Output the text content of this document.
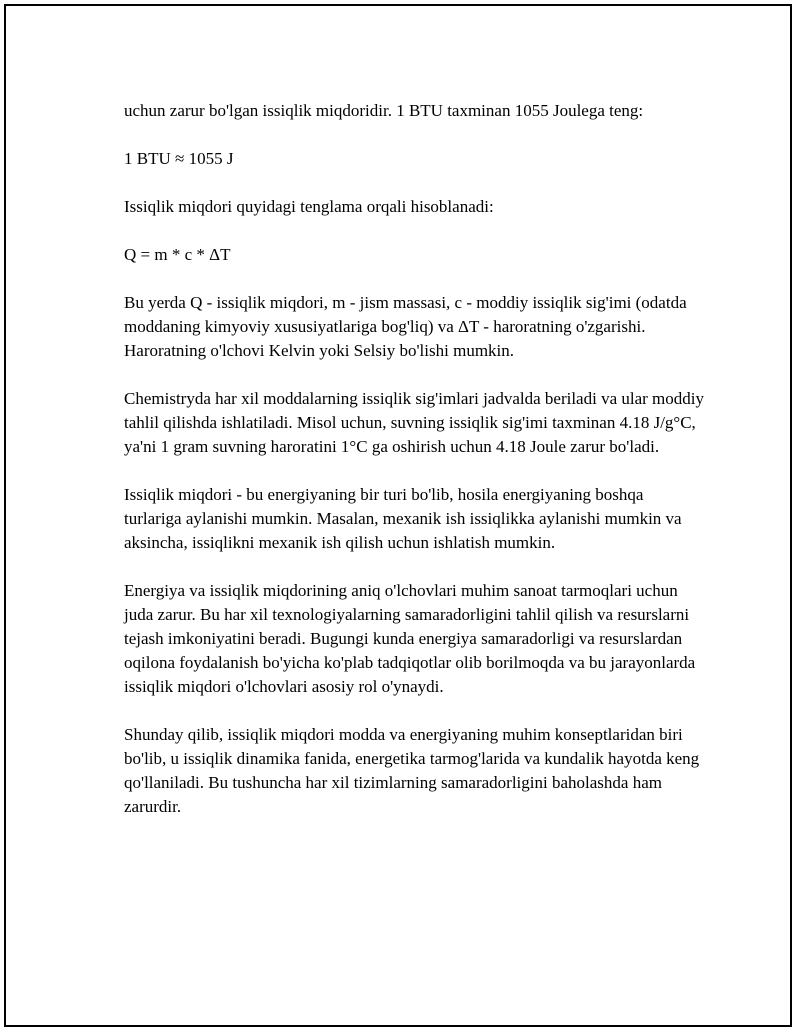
uchun zarur bo'lgan issiqlik miqdoridir. 1 BTU taxminan 1055 Joulega teng:

1 BTU ≈ 1055 J

Issiqlik miqdori quyidagi tenglama orqali hisoblanadi:

Q = m * c * ΔT

Bu yerda Q - issiqlik miqdori, m - jism massasi, c - moddiy issiqlik sig'imi (odatda moddaning kimyoviy xususiyatlariga bog'liq) va ΔT - haroratning o'zgarishi. Haroratning o'lchovi Kelvin yoki Selsiy bo'lishi mumkin.

Chemistryda har xil moddalarning issiqlik sig'imlari jadvalda beriladi va ular moddiy tahlil qilishda ishlatiladi. Misol uchun, suvning issiqlik sig'imi taxminan 4.18 J/g°C, ya'ni 1 gram suvning haroratini 1°C ga oshirish uchun 4.18 Joule zarur bo'ladi.

Issiqlik miqdori - bu energiyaning bir turi bo'lib, hosila energiyaning boshqa turlariga aylanishi mumkin. Masalan, mexanik ish issiqlikka aylanishi mumkin va aksincha, issiqlikni mexanik ish qilish uchun ishlatish mumkin.

Energiya va issiqlik miqdorining aniq o'lchovlari muhim sanoat tarmoqlari uchun juda zarur. Bu har xil texnologiyalarning samaradorligini tahlil qilish va resurslarni tejash imkoniyatini beradi. Bugungi kunda energiya samaradorligi va resurslardan oqilona foydalanish bo'yicha ko'plab tadqiqotlar olib borilmoqda va bu jarayonlarda issiqlik miqdori o'lchovlari asosiy rol o'ynaydi.

Shunday qilib, issiqlik miqdori modda va energiyaning muhim konseptlaridan biri bo'lib, u issiqlik dinamika fanida, energetika tarmog'larida va kundalik hayotda keng qo'llaniladi. Bu tushuncha har xil tizimlarning samaradorligini baholashda ham zarurdir.
